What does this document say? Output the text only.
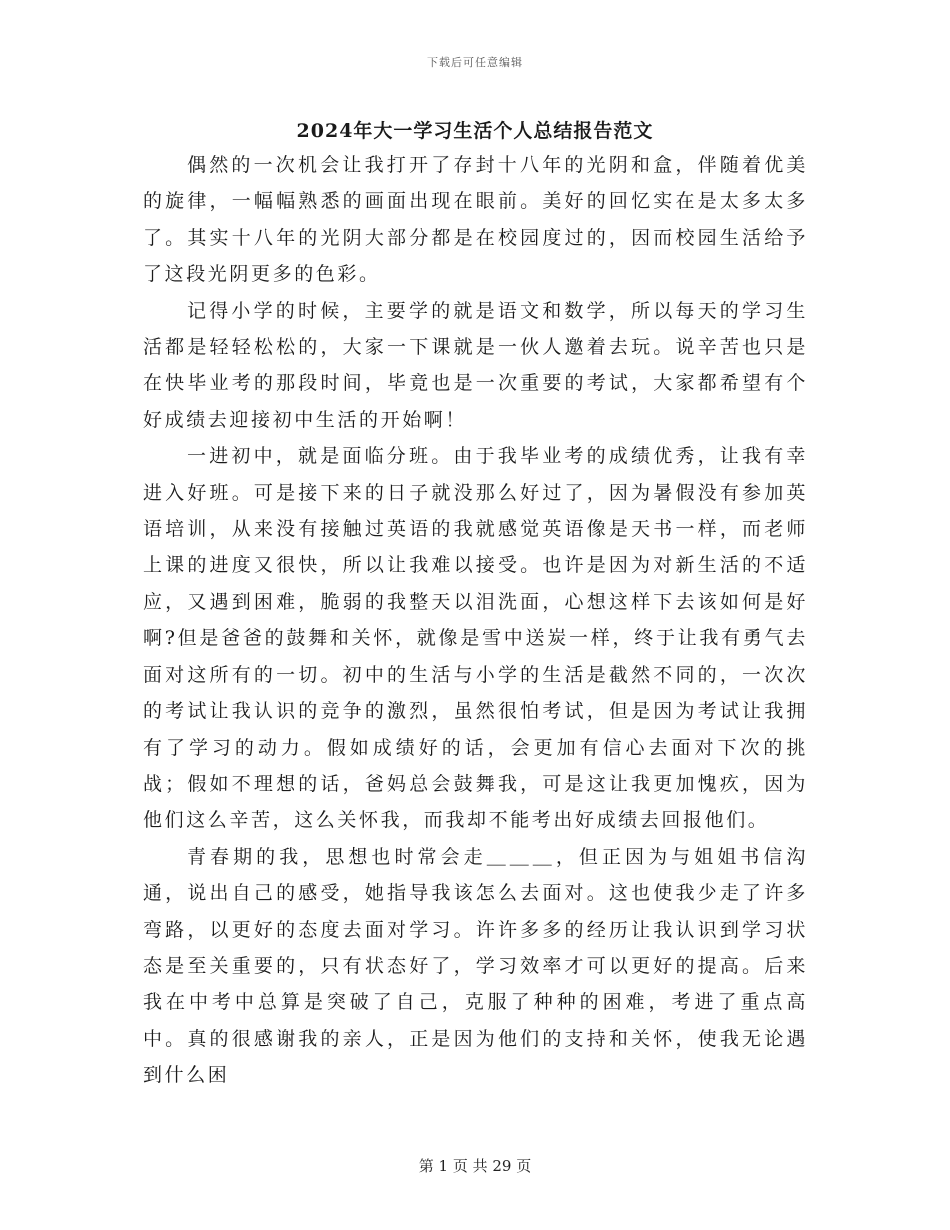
下载后可任意编辑
2024年大一学习生活个人总结报告范文

偶然的一次机会让我打开了存封十八年的光阴和盒，伴随着优美的旋律，一幅幅熟悉的画面出现在眼前。美好的回忆实在是太多太多了。其实十八年的光阴大部分都是在校园度过的，因而校园生活给予了这段光阴更多的色彩。

记得小学的时候，主要学的就是语文和数学，所以每天的学习生活都是轻轻松松的，大家一下课就是一伙人邀着去玩。说辛苦也只是在快毕业考的那段时间，毕竟也是一次重要的考试，大家都希望有个好成绩去迎接初中生活的开始啊！

一进初中，就是面临分班。由于我毕业考的成绩优秀，让我有幸进入好班。可是接下来的日子就没那么好过了，因为暑假没有参加英语培训，从来没有接触过英语的我就感觉英语像是天书一样，而老师上课的进度又很快，所以让我难以接受。也许是因为对新生活的不适应，又遇到困难，脆弱的我整天以泪洗面，心想这样下去该如何是好啊?但是爸爸的鼓舞和关怀，就像是雪中送炭一样，终于让我有勇气去面对这所有的一切。初中的生活与小学的生活是截然不同的，一次次的考试让我认识的竞争的激烈，虽然很怕考试，但是因为考试让我拥有了学习的动力。假如成绩好的话，会更加有信心去面对下次的挑战；假如不理想的话，爸妈总会鼓舞我，可是这让我更加愧疚，因为他们这么辛苦，这么关怀我，而我却不能考出好成绩去回报他们。

青春期的我，思想也时常会走＿＿＿，但正因为与姐姐书信沟通，说出自己的感受，她指导我该怎么去面对。这也使我少走了许多弯路，以更好的态度去面对学习。许许多多的经历让我认识到学习状态是至关重要的，只有状态好了，学习效率才可以更好的提高。后来我在中考中总算是突破了自己，克服了种种的困难，考进了重点高中。真的很感谢我的亲人，正是因为他们的支持和关怀，使我无论遇到什么困

第 1 页 共 29 页
